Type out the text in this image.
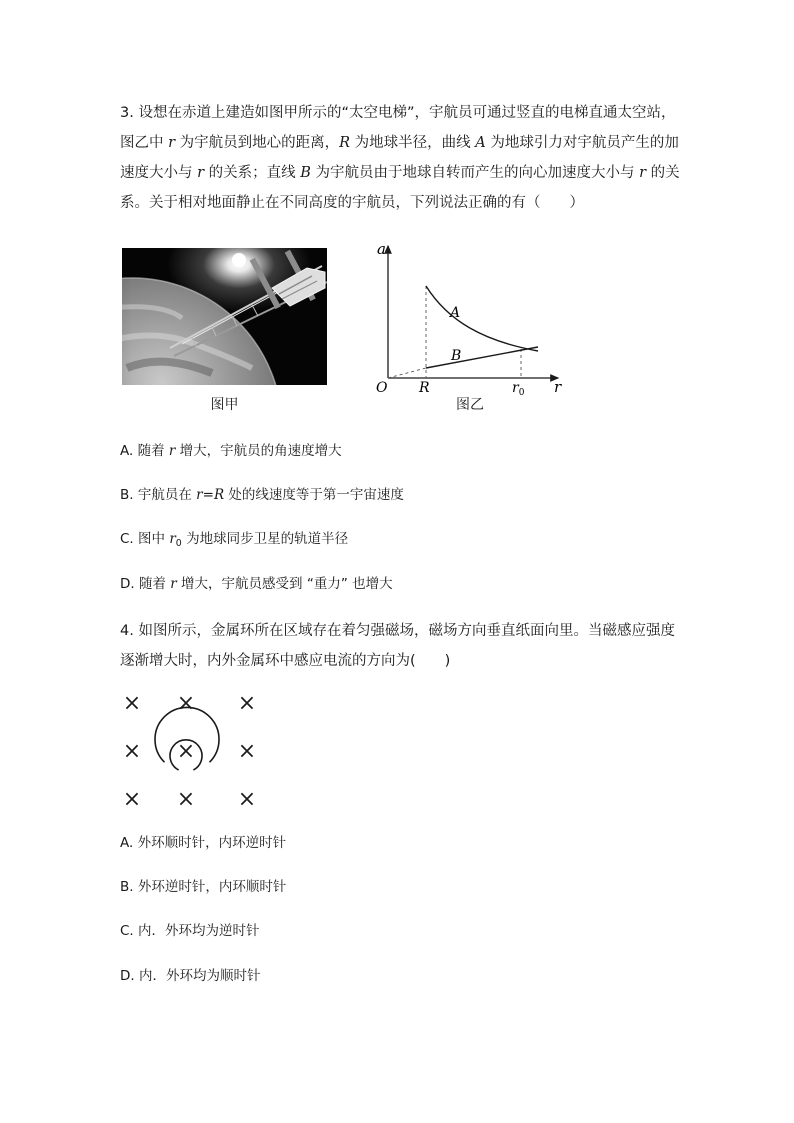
3. 设想在赤道上建造如图甲所示的“太空电梯”，宇航员可通过竖直的电梯直通太空站，图乙中 r 为宇航员到地心的距离，R 为地球半径，曲线 A 为地球引力对宇航员产生的加速度大小与 r 的关系；直线 B 为宇航员由于地球自转而产生的向心加速度大小与 r 的关系。关于相对地面静止在不同高度的宇航员，下列说法正确的有（　　）
图甲
a
r
O R	$r_0$
A
B
图乙
A. 随着 r 增大，宇航员的角速度增大
B. 宇航员在 r=R 处的线速度等于第一宇宙速度
C. 图中 $r_0$ 为地球同步卫星的轨道半径
D. 随着 r 增大，宇航员感受到 “重力” 也增大
4. 如图所示，金属环所在区域存在着匀强磁场，磁场方向垂直纸面向里。当磁感应强度逐渐增大时，内外金属环中感应电流的方向为(　　)
× × ×
× × ×
× × ×
A. 外环顺时针，内环逆时针
B. 外环逆时针，内环顺时针
C. 内．外环均为逆时针
D. 内．外环均为顺时针
